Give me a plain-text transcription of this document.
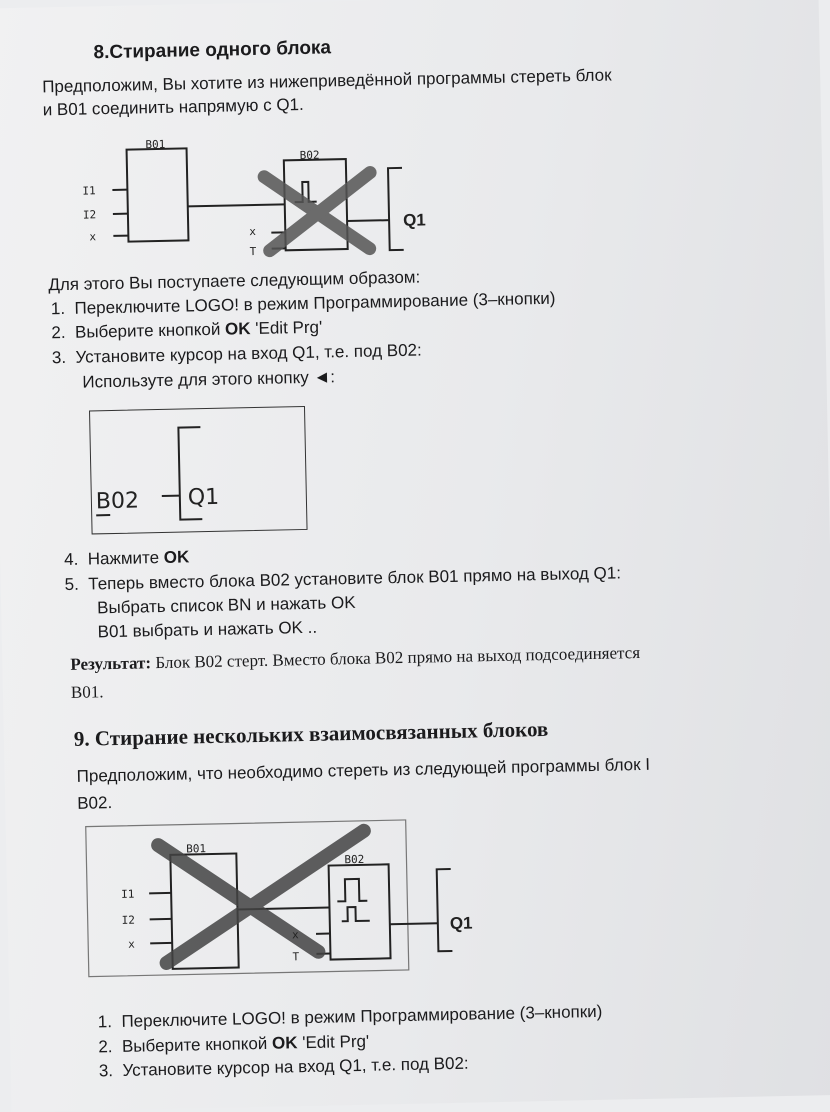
8.Стирание одного блока
Предположим, Вы хотите из нижеприведённой программы стереть блок
и B01 соединить напрямую с Q1.
B01
B02
I1
I2
x	x
T
Q1
Для этого Вы поступаете следующим образом:
1. Переключите LOGO! в режим Программирование (3–кнопки)
2. Выберите кнопкой OK 'Edit Prg'
3. Установите курсор на вход Q1, т.е. под B02:
Используте для этого кнопку ◄:
B02 Q1
4. Нажмите OK
5. Теперь вместо блока B02 установите блок B01 прямо на выход Q1:
Выбрать список BN и нажать OK
B01 выбрать и нажать OK ..
Результат: Блок B02 стерт. Вместо блока B02 прямо на выход подсоединяется
B01.
9. Стирание нескольких взаимосвязанных блоков
Предположим, что необходимо стереть из следующей программы блок I
B02.
B01
B02
I1
I2
x
x
T
Q1
1. Переключите LOGO! в режим Программирование (3–кнопки)
2. Выберите кнопкой OK 'Edit Prg'
3. Установите курсор на вход Q1, т.е. под B02:
